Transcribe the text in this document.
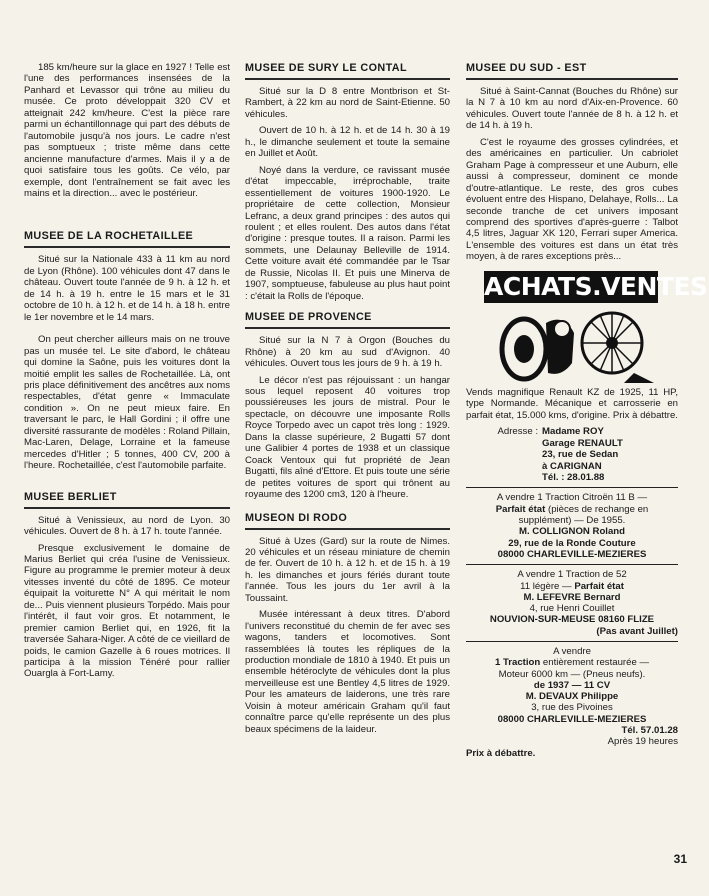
185 km/heure sur la glace en 1927 ! Telle est l'une des performances insensées de la Panhard et Levassor qui trône au milieu du musée. Ce proto développait 320 CV et atteignait 242 km/heure. C'est la pièce rare parmi un échantillonnage qui part des débuts de l'automobile jusqu'à nos jours. Le cadre n'est pas somptueux ; triste même dans cette ancienne manufacture d'armes. Mais il y a de quoi satisfaire tous les goûts. Ce vélo, par exemple, dont l'entraînement se fait avec les mains et la direction... avec le postérieur.

MUSEE DE LA ROCHETAILLEE

Situé sur la Nationale 433 à 11 km au nord de Lyon (Rhône). 100 véhicules dont 47 dans le château. Ouvert toute l'année de 9 h. à 12 h. et de 14 h. à 19 h. entre le 15 mars et le 31 octobre de 10 h. à 12 h. et de 14 h. à 18 h. entre le 1er novembre et le 14 mars.

On peut chercher ailleurs mais on ne trouve pas un musée tel. Le site d'abord, le château qui domine la Saône, puis les voitures dont la moitié emplit les salles de Rochetaillée. Là, ont pris place définitivement des ancêtres aux noms respectables, d'état genre « Immaculate condition ». On ne peut mieux faire. En traversant le parc, le Hall Gordini ; il offre une diversité rassurante de modèles : Roland Pillain, Mac-Laren, Delage, Lorraine et la fameuse mercedes d'Hitler ; 5 tonnes, 400 CV, 200 à l'heure. Rochetaillée, c'est l'automobile parfaite.

MUSEE BERLIET

Situé à Venissieux, au nord de Lyon. 30 véhicules. Ouvert de 8 h. à 17 h. toute l'année.

Presque exclusivement le domaine de Marius Berliet qui créa l'usine de Venissieux. Figure au programme le premier moteur à deux vitesses inventé du côté de 1895. Ce moteur équipait la voiturette N° A qui méritait le nom de... Puis viennent plusieurs Torpédo. Mais pour l'intérêt, il faut voir gros. Et notamment, le premier camion Berliet qui, en 1926, fit la traversée Sahara-Niger. A côté de ce vieillard de poids, le camion Gazelle à 6 roues motrices. Il participa à la mission Ténéré pour rallier Ouargla à Fort-Lamy.

MUSEE DE SURY LE CONTAL

Situé sur la D 8 entre Montbrison et St-Rambert, à 22 km au nord de Saint-Etienne. 50 véhicules.

Ouvert de 10 h. à 12 h. et de 14 h. 30 à 19 h., le dimanche seulement et toute la semaine en Juillet et Août.

Noyé dans la verdure, ce ravissant musée d'état impeccable, irréprochable, traite essentiellement de voitures 1900-1920. Le propriétaire de cette collection, Monsieur Lefranc, a deux grand principes : des autos qui roulent ; et elles roulent. Des autos dans l'état d'origine : presque toutes. Il a raison. Parmi les sommets, une Delaunay Belleville de 1914. Cette voiture avait été commandée par le Tsar de Russie, Nicolas II. Et puis une Minerva de 1907, somptueuse, fabuleuse au plus haut point : c'était la Rolls de l'époque.

MUSEE DE PROVENCE

Situé sur la N 7 à Orgon (Bouches du Rhône) à 20 km au sud d'Avignon. 40 véhicules. Ouvert tous les jours de 9 h. à 19 h.

Le décor n'est pas réjouissant : un hangar sous lequel reposent 40 voitures trop poussiéreuses les jours de mistral. Pour le spectacle, on découvre une imposante Rolls Royce Torpedo avec un capot très long : 1929. Dans la classe supérieure, 2 Bugatti 57 dont une Galibier 4 portes de 1938 et un classique Coack Ventoux qui fut propriété de Jean Bugatti, fils aîné d'Ettore. Et puis toute une série de petites voitures de sport qui trônent au royaume des 1200 cm3, 120 à l'heure.

MUSEON DI RODO

Situé à Uzes (Gard) sur la route de Nimes. 20 véhicules et un réseau miniature de chemin de fer. Ouvert de 10 h. à 12 h. et de 15 h. à 19 h. les dimanches et jours fériés durant toute l'année. Tous les jours du 1er avril à la Toussaint.

Musée intéressant à deux titres. D'abord l'univers reconstitué du chemin de fer avec ses wagons, tanders et locomotives. Sont rassemblées là toutes les répliques de la production mondiale de 1810 à 1940. Et puis un ensemble hétéroclyte de véhicules dont la plus merveilleuse est une Bentley 4,5 litres de 1929. Pour les amateurs de laiderons, une très rare Voisin à moteur américain Graham qu'il faut connaître parce qu'elle représente un des plus beaux spécimens de la laideur.

MUSEE DU SUD - EST

Situé à Saint-Cannat (Bouches du Rhône) sur la N 7 à 10 km au nord d'Aix-en-Provence. 60 véhicules. Ouvert toute l'année de 8 h. à 12 h. et de 14 h. à 19 h.

C'est le royaume des grosses cylindrées, et des américaines en particulier. Un cabriolet Graham Page à compresseur et une Auburn, elle aussi à compresseur, dominent ce monde d'outre-atlantique. Le reste, des gros cubes évoluent entre des Hispano, Delahaye, Rolls... La seconde tranche de cet univers imposant comprend des sportives d'après-guerre : Talbot 4,5 litres, Jaguar XK 120, Ferrari super America. L'ensemble des voitures est dans un état très moyen, à de rares exceptions près...

ACHATS.VENTES

Vends magnifique Renault KZ de 1925, 11 HP, type Normande. Mécanique et carrosserie en parfait état, 15.000 kms, d'origine. Prix à débattre.

Adresse : Madame ROY
Garage RENAULT
23, rue de Sedan
à CARIGNAN
Tél. : 28.01.88
A vendre 1 Traction Citroën 11 B —
Parfait état (pièces de rechange en
supplément) — De 1955.
M. COLLIGNON Roland
29, rue de la Ronde Couture
08000 CHARLEVILLE-MEZIERES
A vendre 1 Traction de 52
11 légère — Parfait état
M. LEFEVRE Bernard
4, rue Henri Couillet
NOUVION-SUR-MEUSE 08160 FLIZE
(Pas avant Juillet)
A vendre
1 Traction entièrement restaurée —
Moteur 6000 km — (Pneus neufs).
de 1937 — 11 CV
M. DEVAUX Philippe
3, rue des Pivoines
08000 CHARLEVILLE-MEZIERES
Tél. 57.01.28
Après 19 heures
Prix à débattre.
31
